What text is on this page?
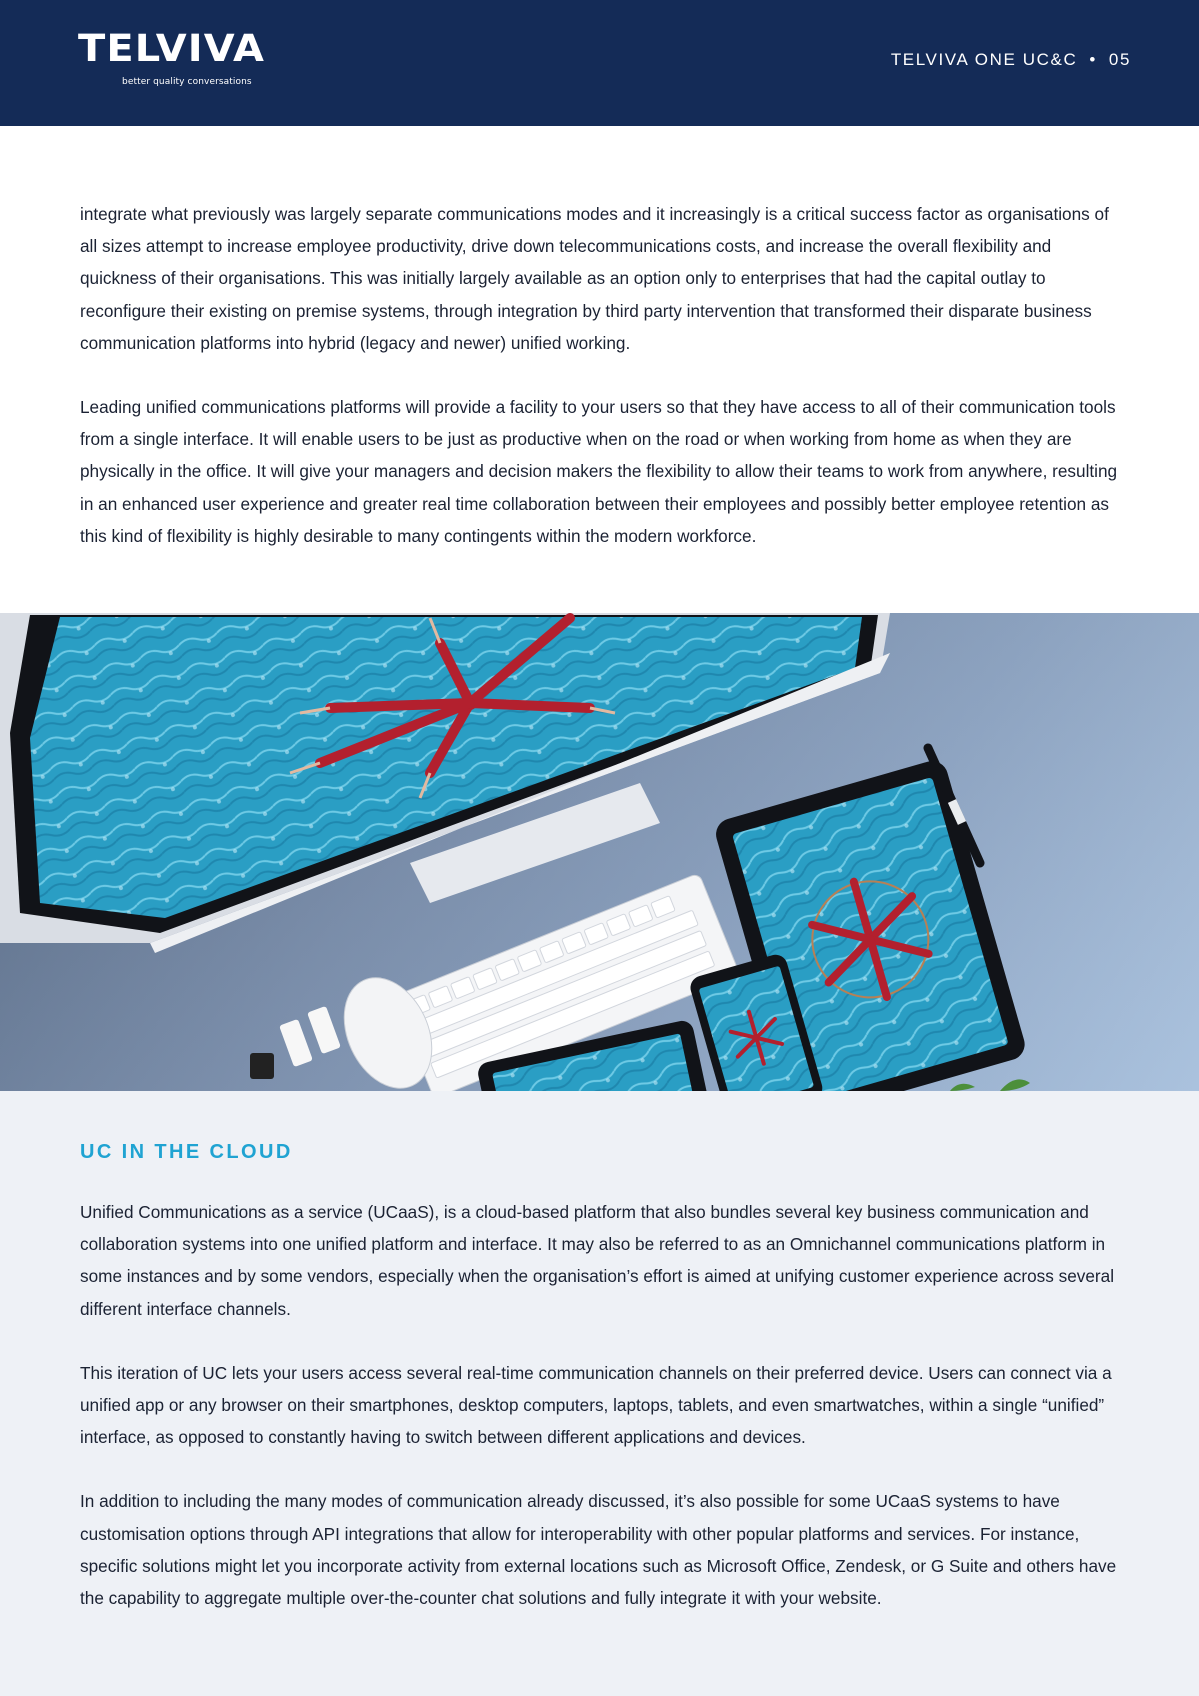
TELVIVA
better quality conversations
TELVIVA ONE UC&C • 05

integrate what previously was largely separate communications modes and it increasingly is a critical success factor as organisations of all sizes attempt to increase employee productivity, drive down telecommunications costs, and increase the overall flexibility and quickness of their organisations. This was initially largely available as an option only to enterprises that had the capital outlay to reconfigure their existing on premise systems, through integration by third party intervention that transformed their disparate business communication platforms into hybrid (legacy and newer) unified working.

Leading unified communications platforms will provide a facility to your users so that they have access to all of their communication tools from a single interface. It will enable users to be just as productive when on the road or when working from home as when they are physically in the office. It will give your managers and decision makers the flexibility to allow their teams to work from anywhere, resulting in an enhanced user experience and greater real time collaboration between their employees and possibly better employee retention as this kind of flexibility is highly desirable to many contingents within the modern workforce.

UC IN THE CLOUD

Unified Communications as a service (UCaaS), is a cloud-based platform that also bundles several key business communication and collaboration systems into one unified platform and interface. It may also be referred to as an Omnichannel communications platform in some instances and by some vendors, especially when the organisation’s effort is aimed at unifying customer experience across several different interface channels.

This iteration of UC lets your users access several real-time communication channels on their preferred device. Users can connect via a unified app or any browser on their smartphones, desktop computers, laptops, tablets, and even smartwatches, within a single “unified” interface, as opposed to constantly having to switch between different applications and devices.

In addition to including the many modes of communication already discussed, it’s also possible for some UCaaS systems to have customisation options through API integrations that allow for interoperability with other popular platforms and services. For instance, specific solutions might let you incorporate activity from external locations such as Microsoft Office, Zendesk, or G Suite and others have the capability to aggregate multiple over-the-counter chat solutions and fully integrate it with your website.
